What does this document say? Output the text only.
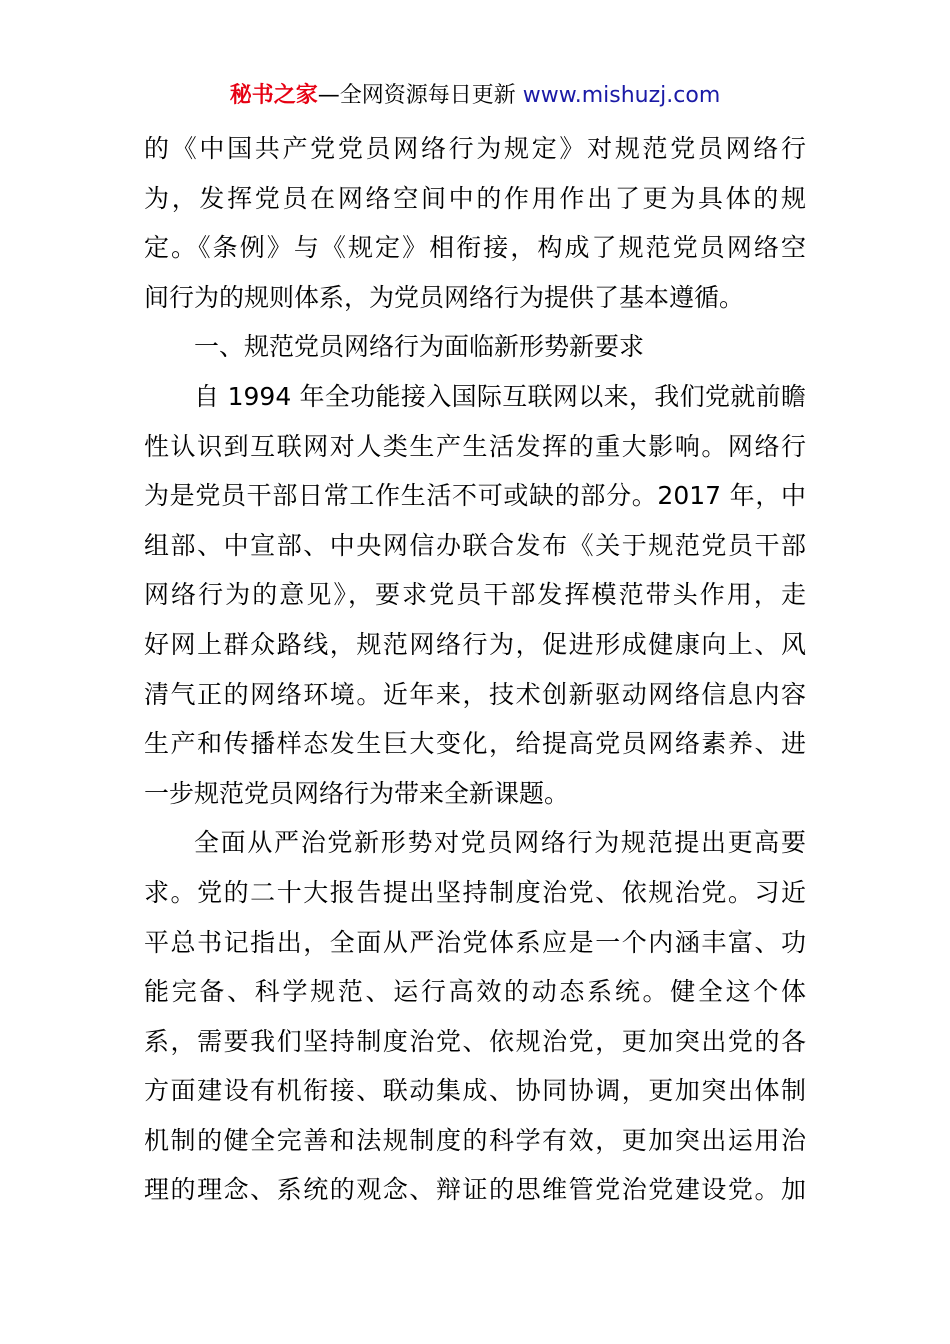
秘书之家—全网资源每日更新 www.mishuzj.com
的《中国共产党党员网络行为规定》对规范党员网络行
为，发挥党员在网络空间中的作用作出了更为具体的规
定。《条例》与《规定》相衔接，构成了规范党员网络空
间行为的规则体系，为党员网络行为提供了基本遵循。
一、规范党员网络行为面临新形势新要求
自 1994 年全功能接入国际互联网以来，我们党就前瞻
性认识到互联网对人类生产生活发挥的重大影响。网络行
为是党员干部日常工作生活不可或缺的部分。2017 年，中
组部、中宣部、中央网信办联合发布《关于规范党员干部
网络行为的意见》，要求党员干部发挥模范带头作用，走
好网上群众路线，规范网络行为，促进形成健康向上、风
清气正的网络环境。近年来，技术创新驱动网络信息内容
生产和传播样态发生巨大变化，给提高党员网络素养、进
一步规范党员网络行为带来全新课题。
全面从严治党新形势对党员网络行为规范提出更高要
求。党的二十大报告提出坚持制度治党、依规治党。习近
平总书记指出，全面从严治党体系应是一个内涵丰富、功
能完备、科学规范、运行高效的动态系统。健全这个体
系，需要我们坚持制度治党、依规治党，更加突出党的各
方面建设有机衔接、联动集成、协同协调，更加突出体制
机制的健全完善和法规制度的科学有效，更加突出运用治
理的理念、系统的观念、辩证的思维管党治党建设党。加
